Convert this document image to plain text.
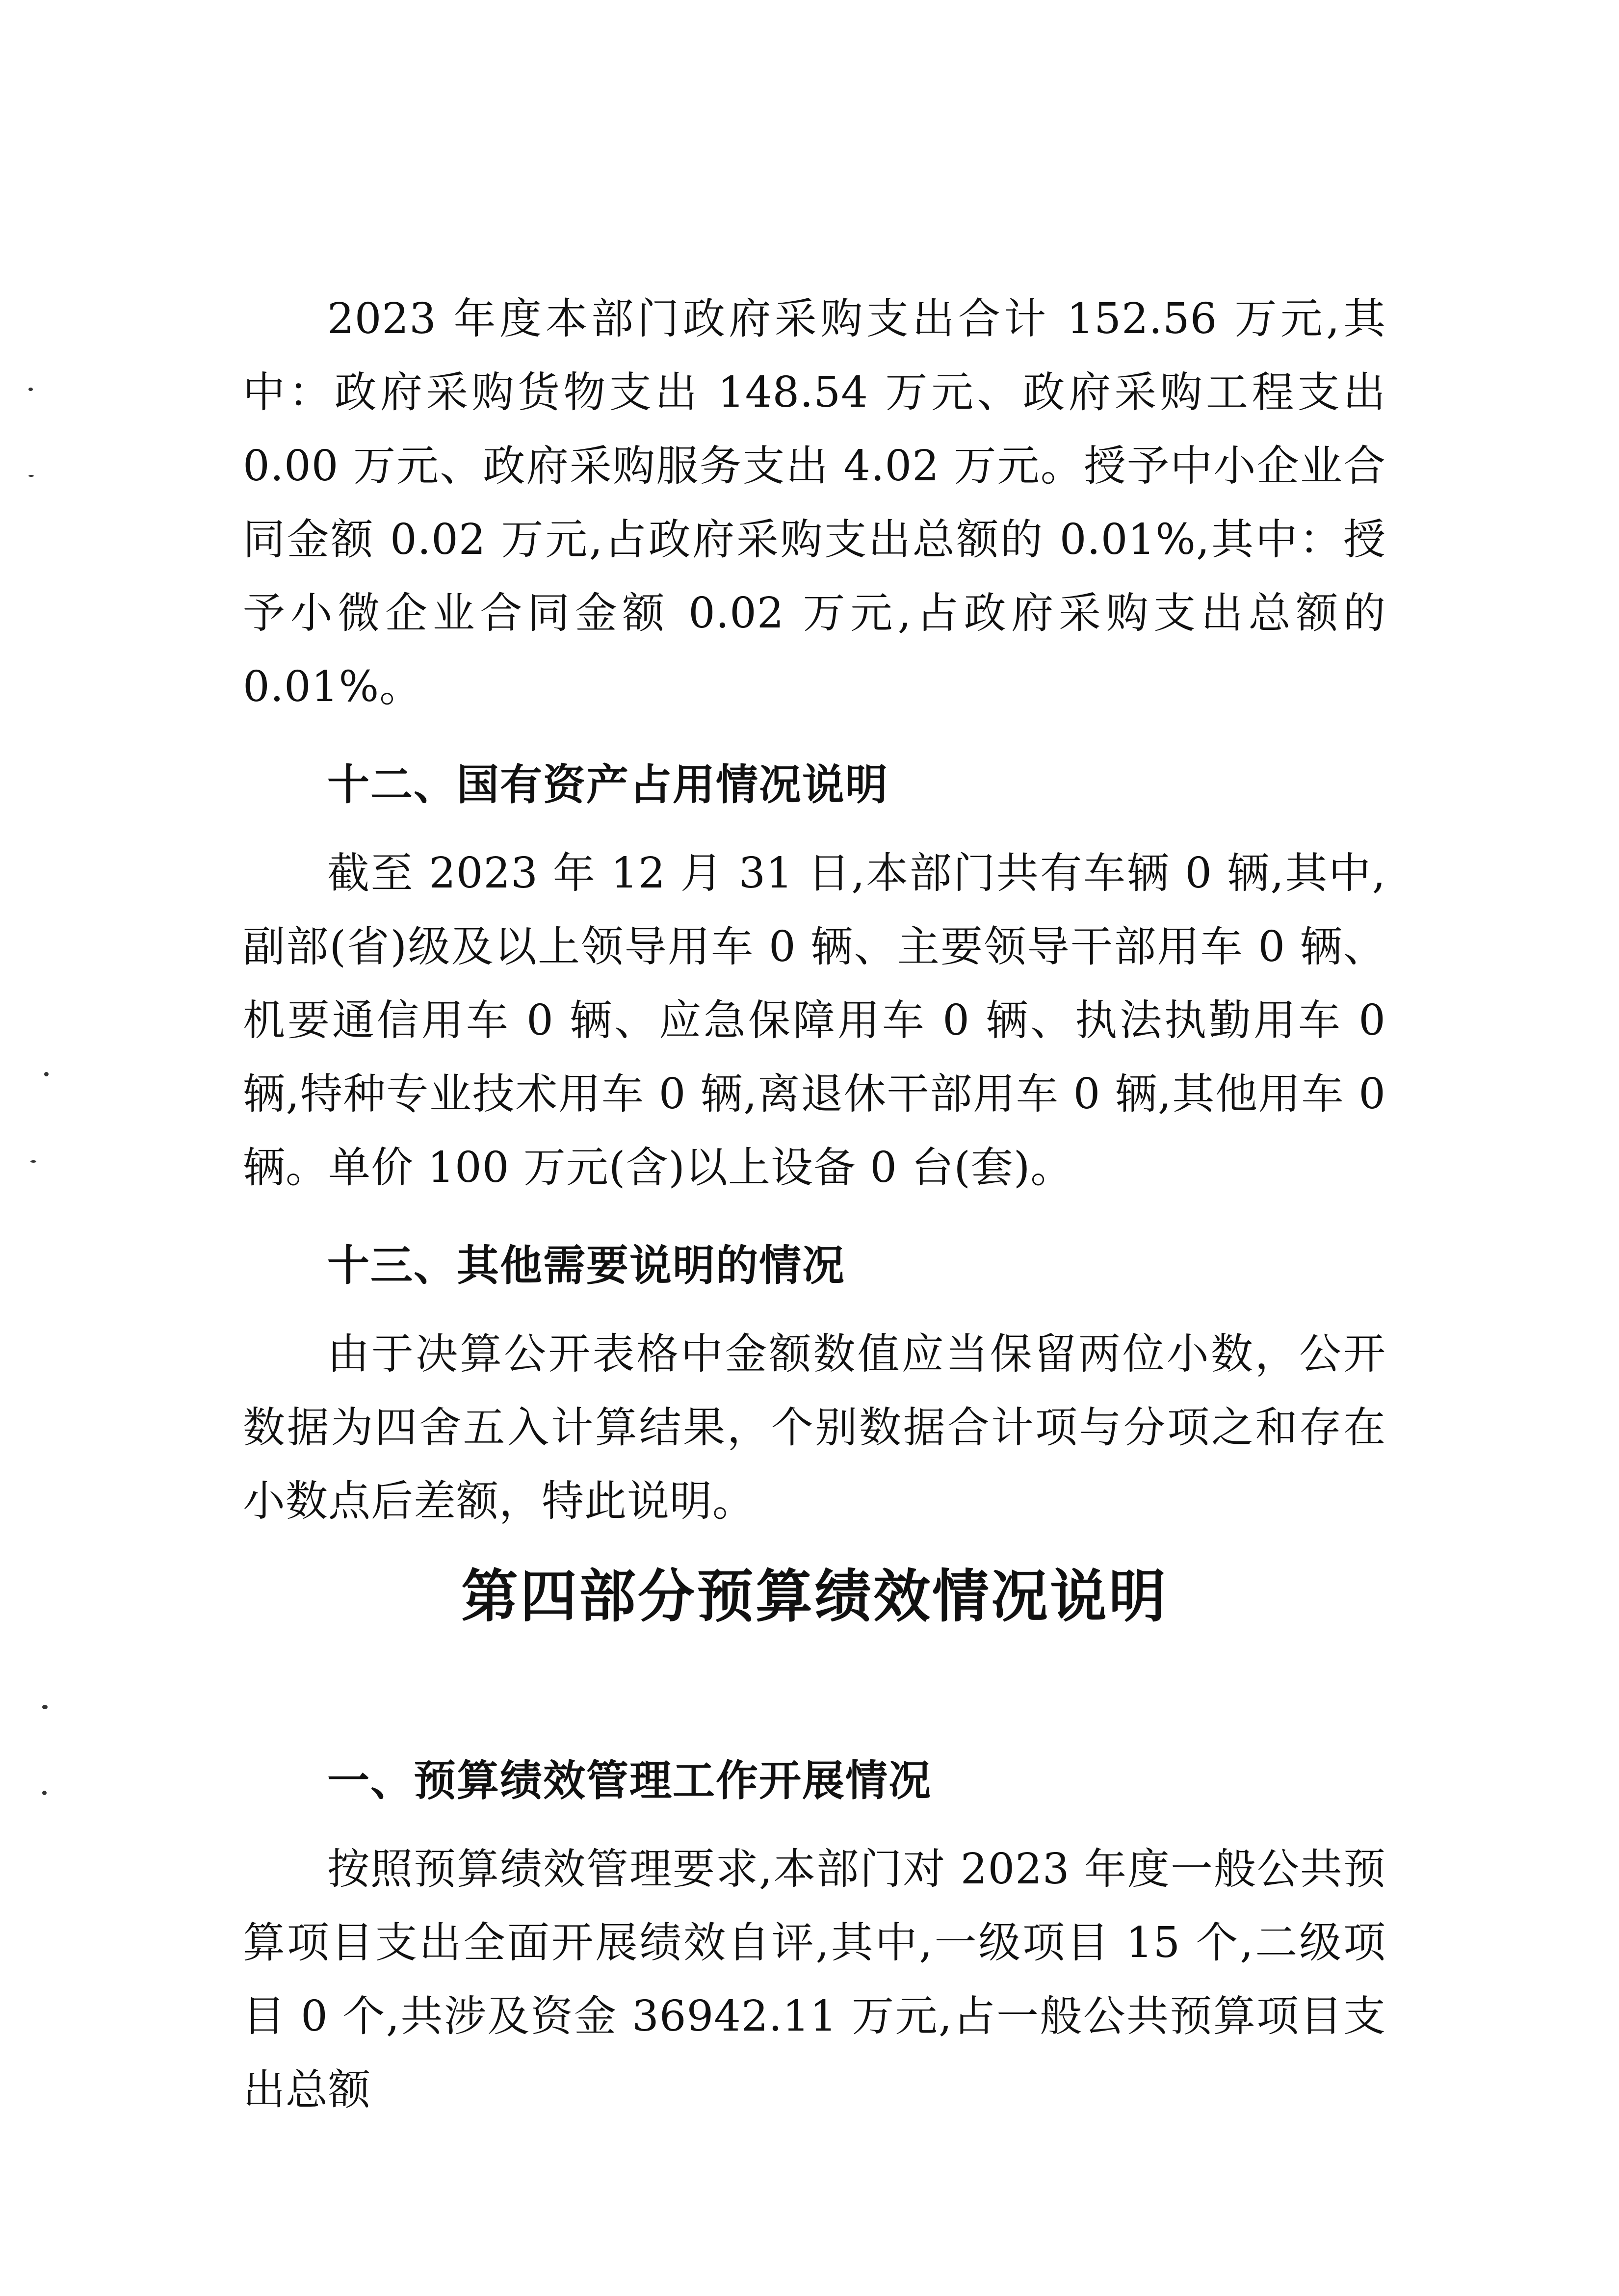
2023 年度本部门政府采购支出合计 152.56 万元,其中：政府采购货物支出 148.54 万元、政府采购工程支出 0.00 万元、政府采购服务支出 4.02 万元。授予中小企业合同金额 0.02 万元,占政府采购支出总额的 0.01%,其中：授予小微企业合同金额 0.02 万元,占政府采购支出总额的 0.01%。

十二、国有资产占用情况说明

截至 2023 年 12 月 31 日,本部门共有车辆 0 辆,其中,副部(省)级及以上领导用车 0 辆、主要领导干部用车 0 辆、机要通信用车 0 辆、应急保障用车 0 辆、执法执勤用车 0 辆,特种专业技术用车 0 辆,离退休干部用车 0 辆,其他用车 0 辆。单价 100 万元(含)以上设备 0 台(套)。

十三、其他需要说明的情况

由于决算公开表格中金额数值应当保留两位小数，公开数据为四舍五入计算结果，个别数据合计项与分项之和存在小数点后差额，特此说明。

第四部分预算绩效情况说明
一、预算绩效管理工作开展情况

按照预算绩效管理要求,本部门对 2023 年度一般公共预算项目支出全面开展绩效自评,其中,一级项目 15 个,二级项目 0 个,共涉及资金 36942.11 万元,占一般公共预算项目支出总额
